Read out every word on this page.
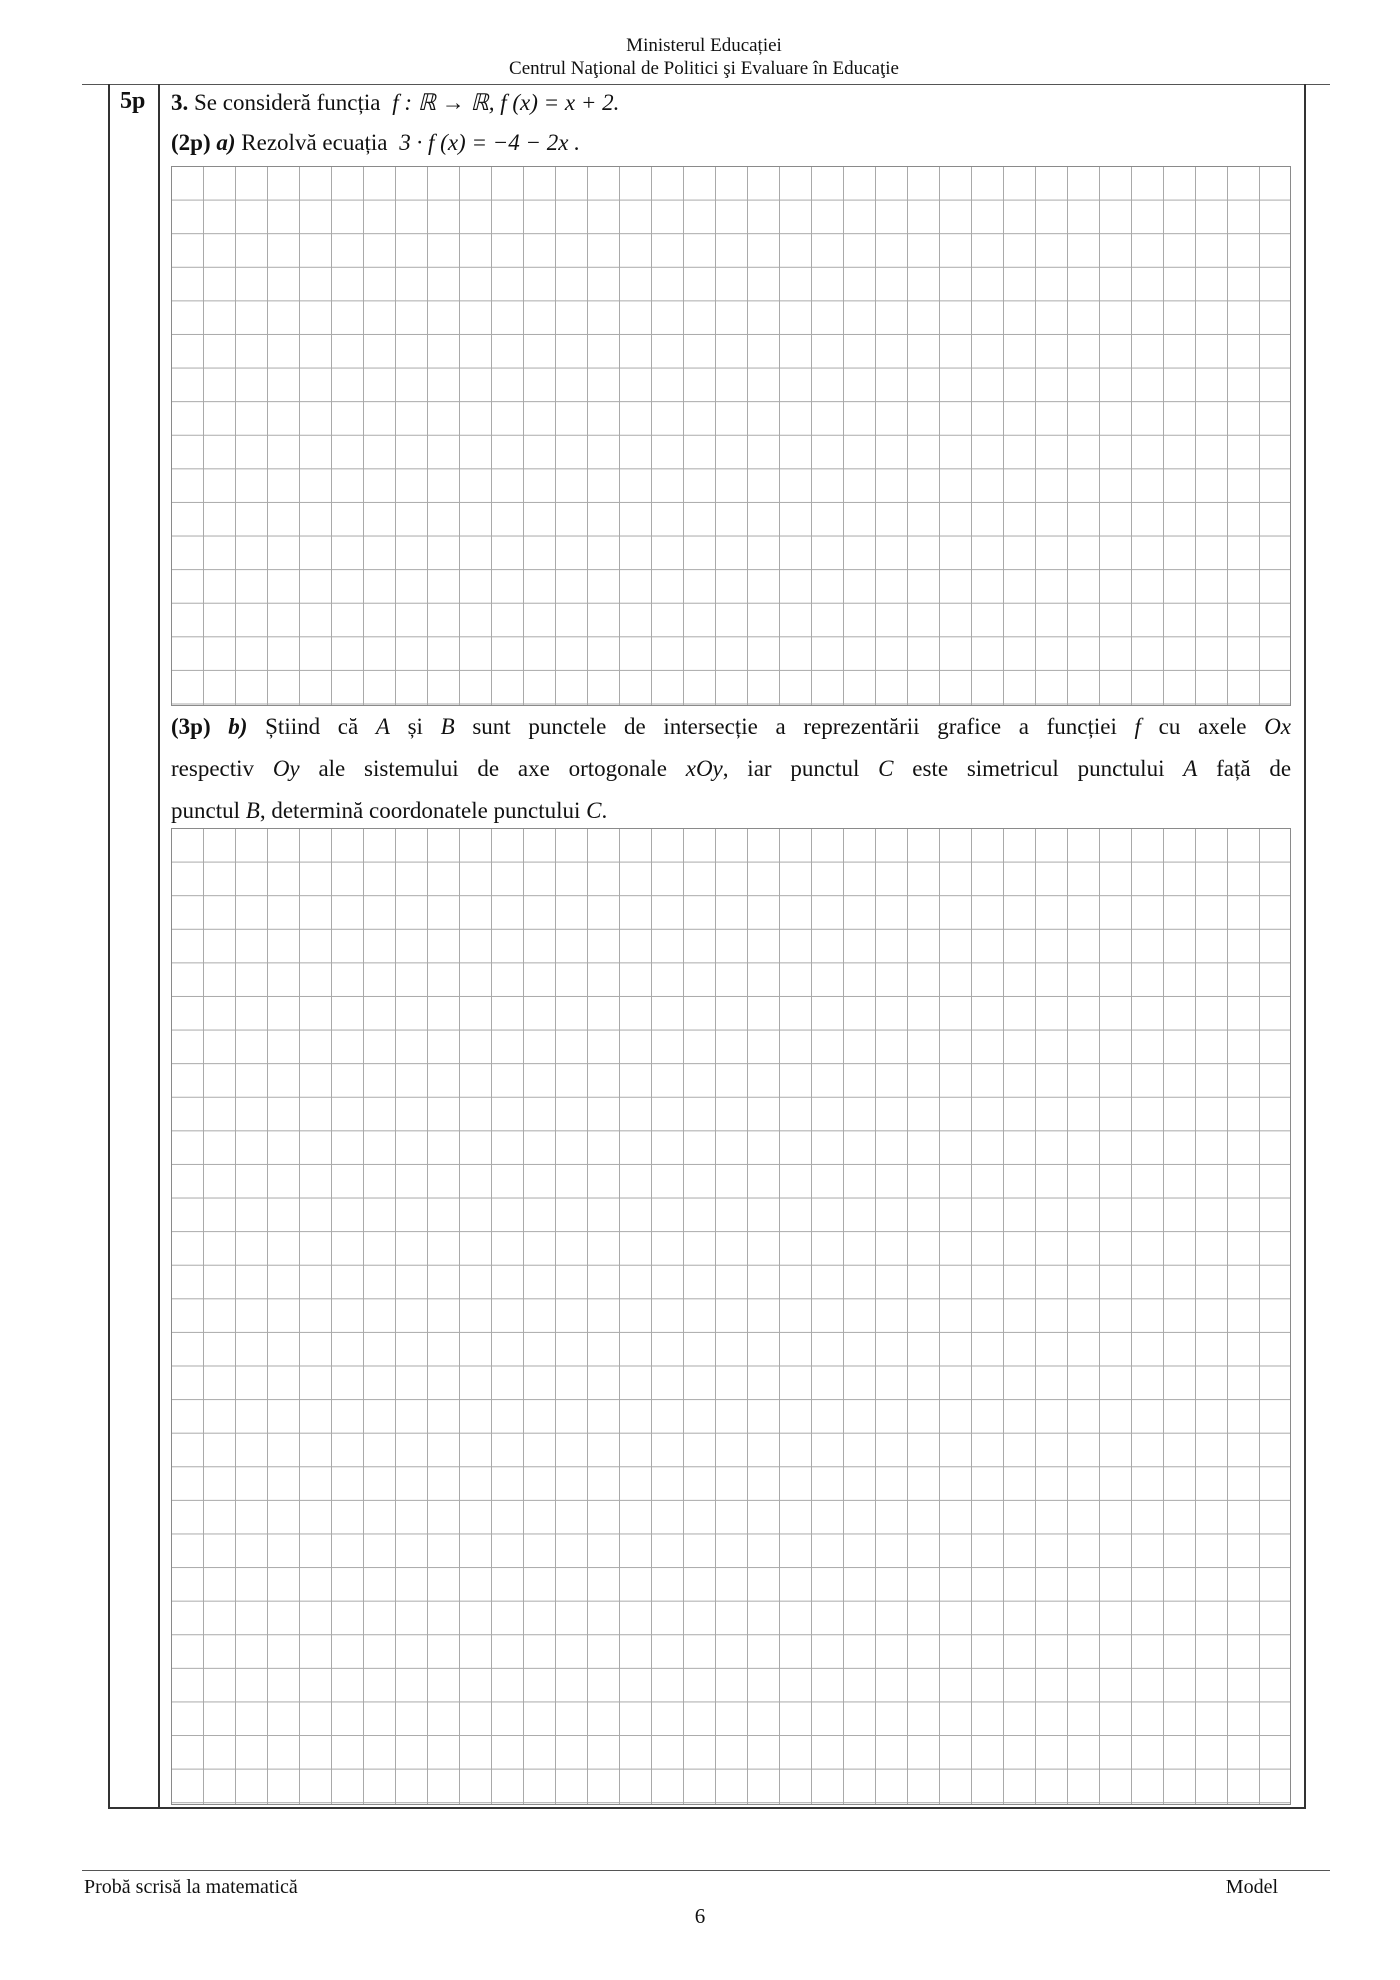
Ministerul Educației
Centrul Naţional de Politici şi Evaluare în Educaţie
5p 3. Se consideră funcția f : ℝ → ℝ, f (x) = x + 2.
(2p) a) Rezolvă ecuația 3 · f (x) = −4 − 2x .
(3p) b) Știind că A și B sunt punctele de intersecție a reprezentării grafice a funcției f cu axele Ox
respectiv Oy ale sistemului de axe ortogonale xOy, iar punctul C este simetricul punctului A față de
punctul B, determină coordonatele punctului C.
Probă scrisă la matematică	Model
6
